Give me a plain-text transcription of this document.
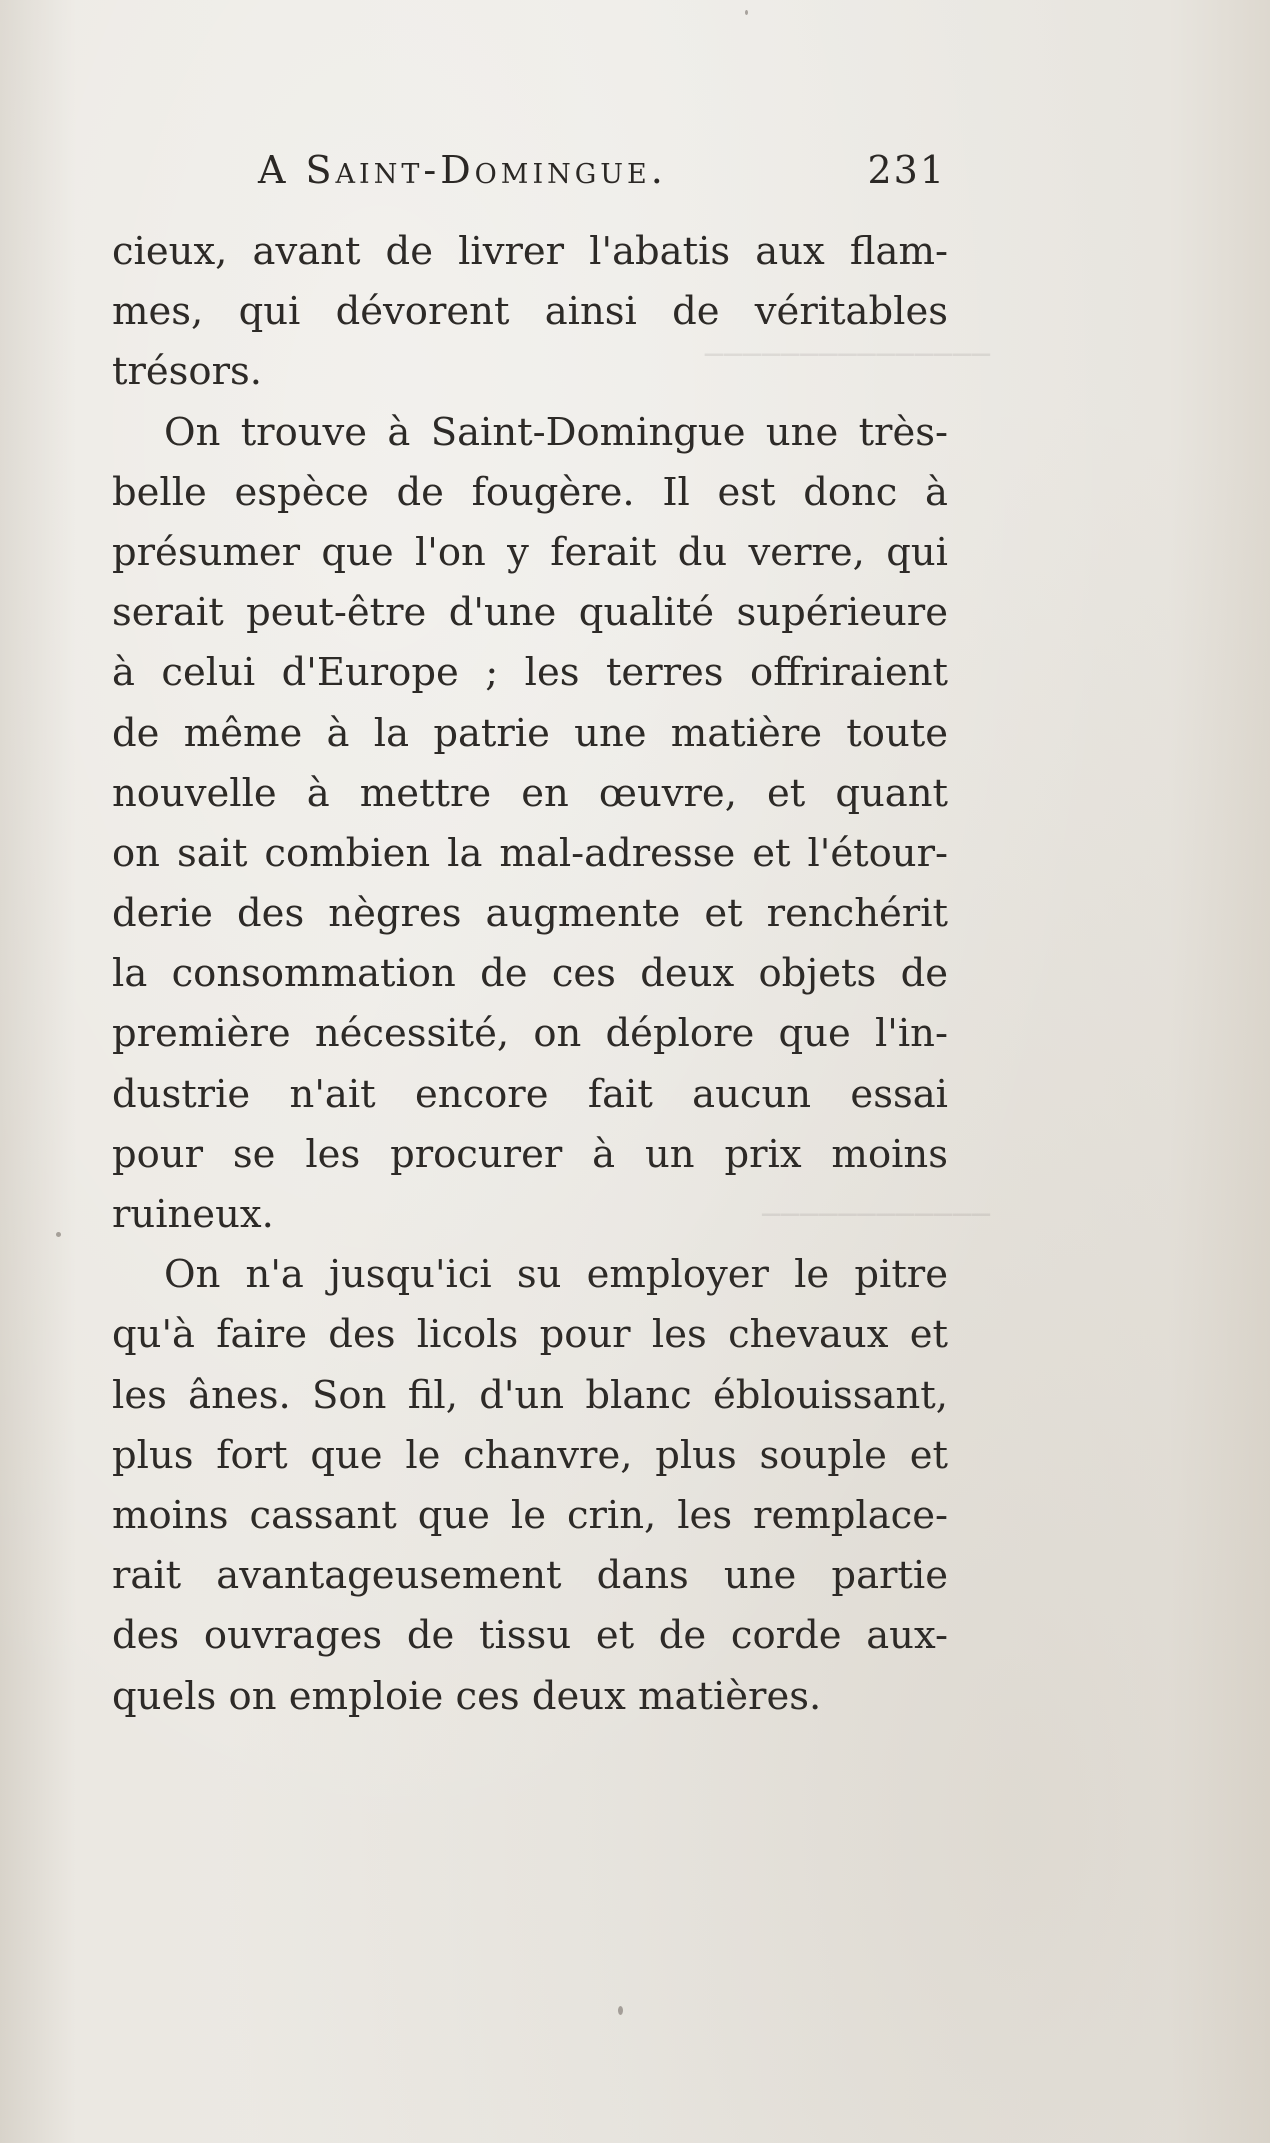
───────────────
────────────
A Saint-Domingue.	231
cieux, avant de livrer l'abatis aux flam-
mes, qui dévorent ainsi de véritables
trésors.
On trouve à Saint-Domingue une très-
belle espèce de fougère. Il est donc à
présumer que l'on y ferait du verre, qui
serait peut-être d'une qualité supérieure
à celui d'Europe ; les terres offriraient
de même à la patrie une matière toute
nouvelle à mettre en œuvre, et quant
on sait combien la mal-adresse et l'étour-
derie des nègres augmente et renchérit
la consommation de ces deux objets de
première nécessité, on déplore que l'in-
dustrie n'ait encore fait aucun essai
pour se les procurer à un prix moins
ruineux.
On n'a jusqu'ici su employer le pitre
qu'à faire des licols pour les chevaux et
les ânes. Son fil, d'un blanc éblouissant,
plus fort que le chanvre, plus souple et
moins cassant que le crin, les remplace-
rait avantageusement dans une partie
des ouvrages de tissu et de corde aux-
quels on emploie ces deux matières.
